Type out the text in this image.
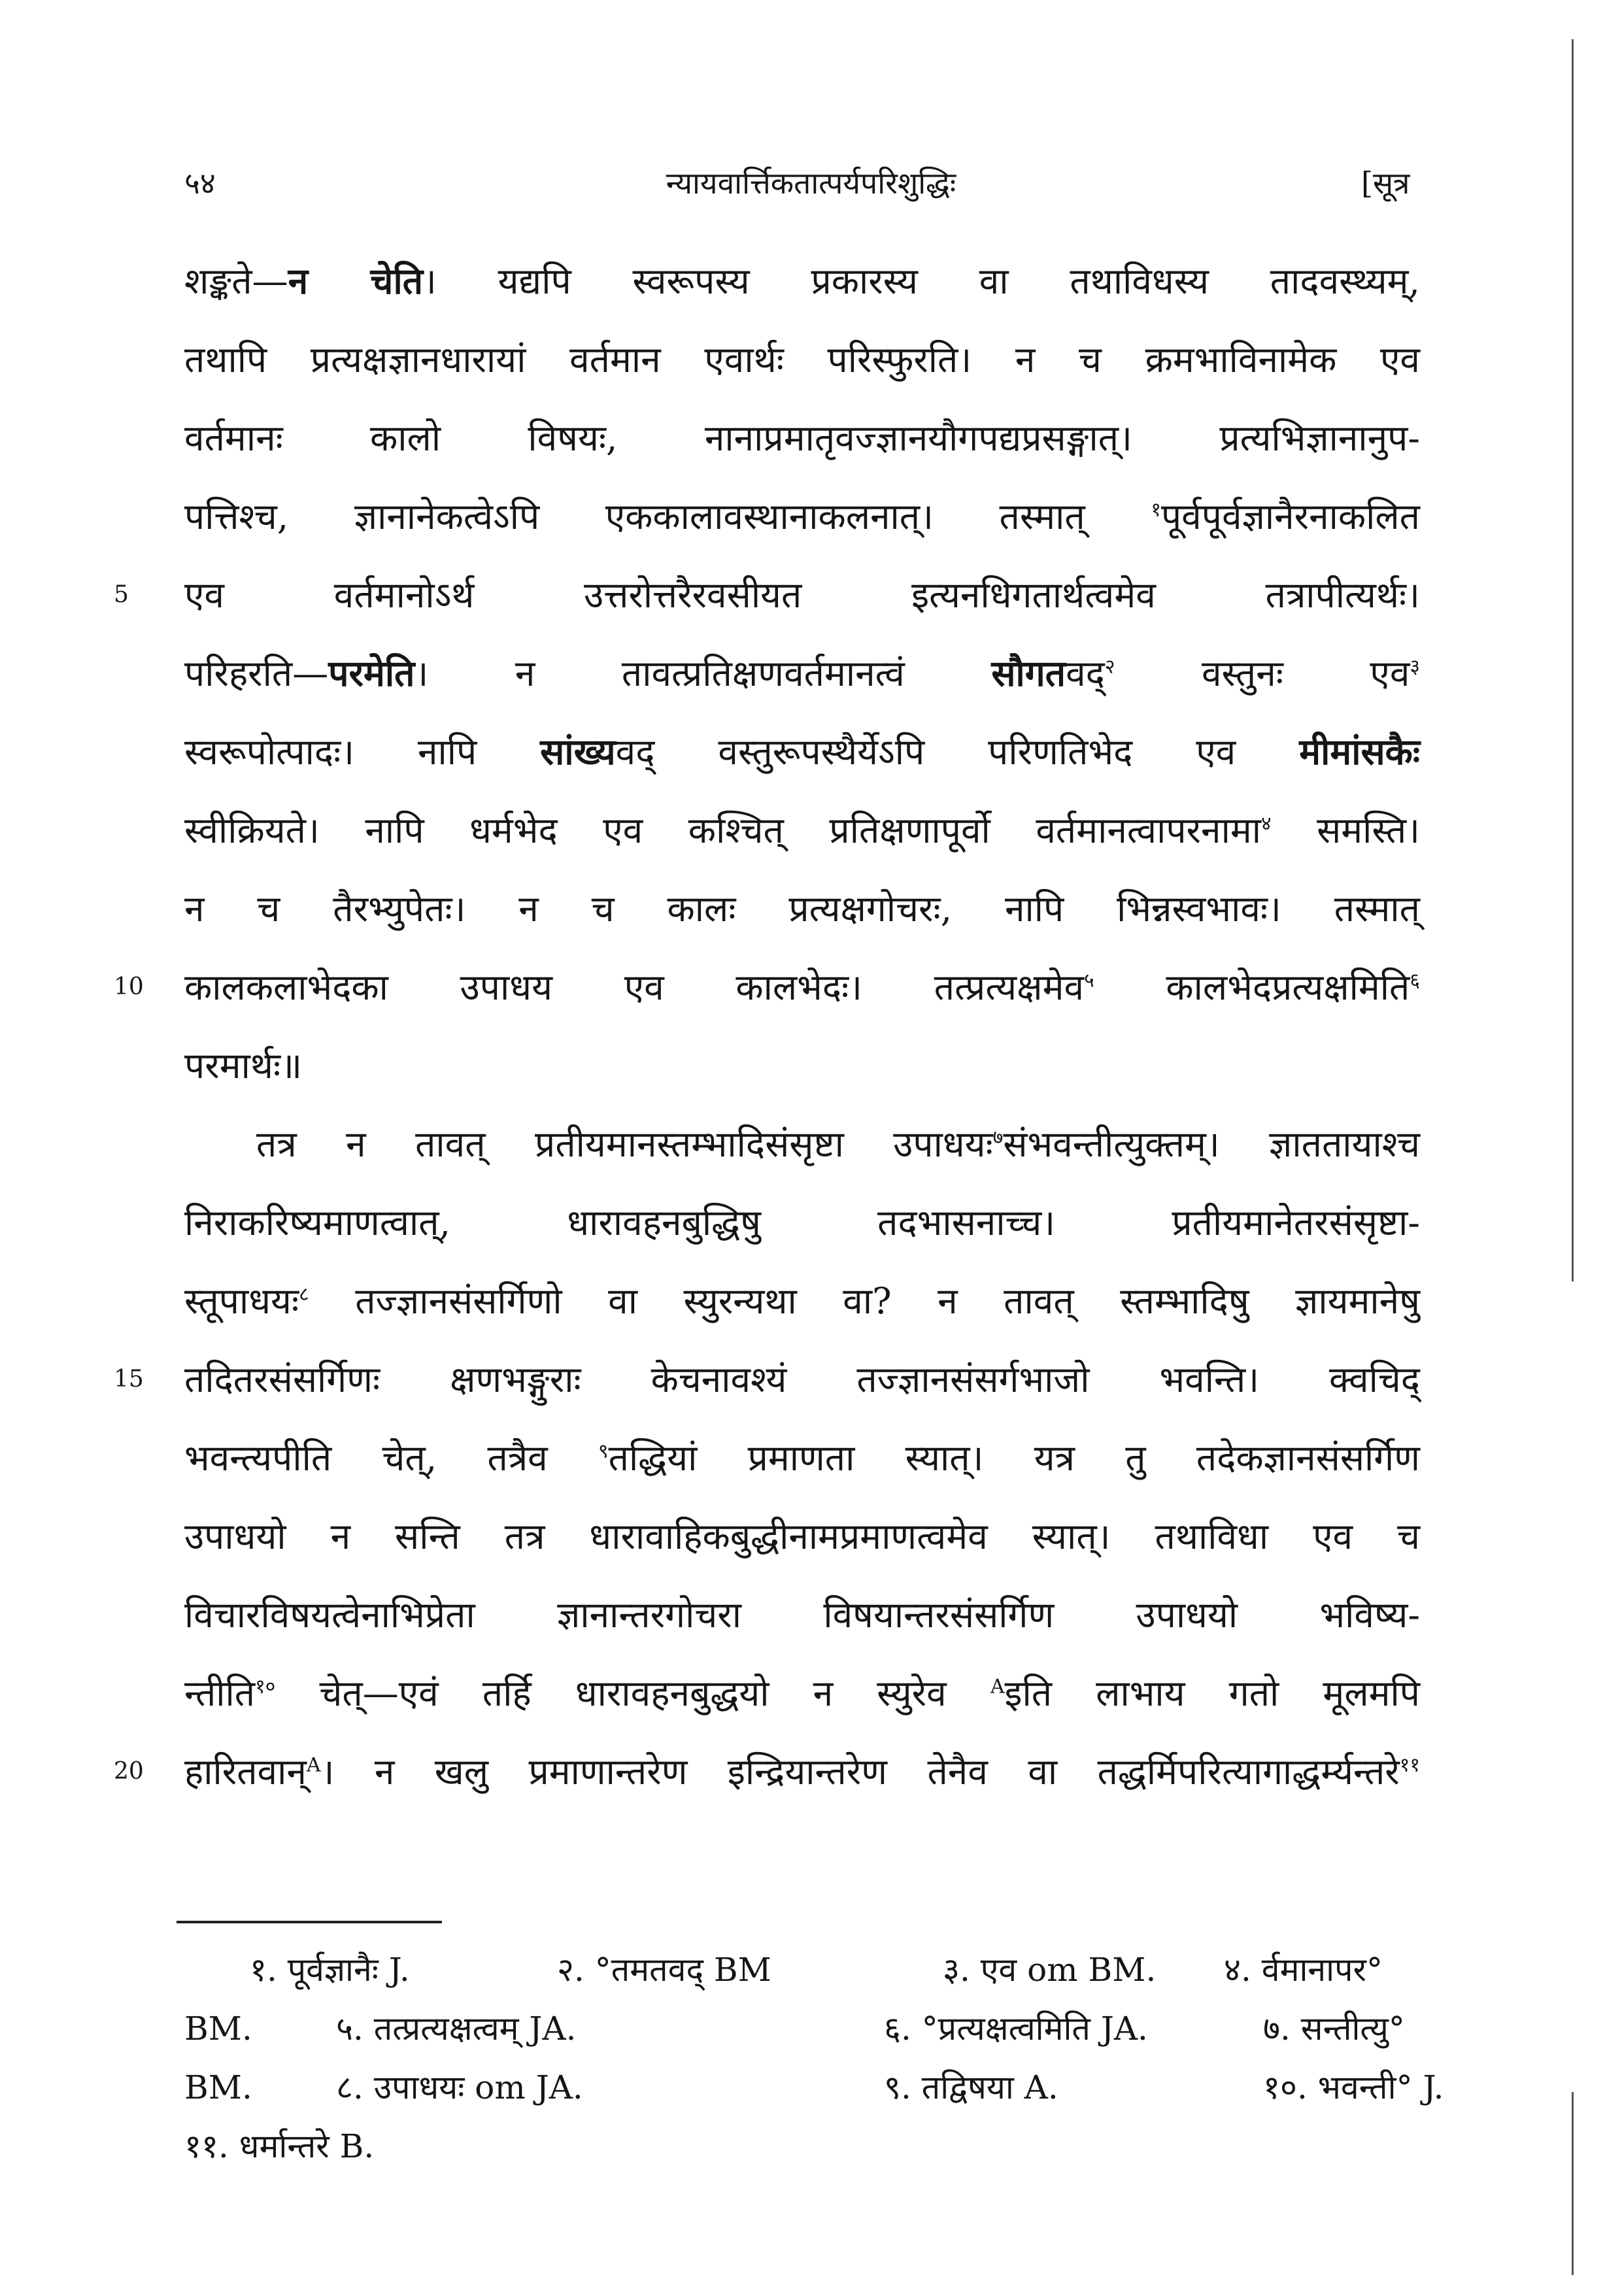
५४	न्यायवार्त्तिकतात्पर्यपरिशुद्धिः	[सूत्र
शङ्कते—न चेति। यद्यपि स्वरूपस्य प्रकारस्य वा तथाविधस्य तादवस्थ्यम्,
तथापि प्रत्यक्षज्ञानधारायां वर्तमान एवार्थः परिस्फुरति। न च क्रमभाविनामेक एव
वर्तमानः कालो विषयः, नानाप्रमातृवज्ज्ञानयौगपद्यप्रसङ्गात्। प्रत्यभिज्ञानानुप-
पत्तिश्च, ज्ञानानेकत्वेऽपि एककालावस्थानाकलनात्। तस्मात् $^१$पूर्वपूर्वज्ञानैरनाकलित
5	एव वर्तमानोऽर्थ उत्तरोत्तरैरवसीयत इत्यनधिगतार्थत्वमेव तत्रापीत्यर्थः।
परिहरति—परमेति। न तावत्प्रतिक्षणवर्तमानत्वं सौगतवद्$^२$ वस्तुनः एव$^३$
स्वरूपोत्पादः। नापि सांख्यवद् वस्तुरूपस्थैर्येऽपि परिणतिभेद एव मीमांसकैः
स्वीक्रियते। नापि धर्मभेद एव कश्चित् प्रतिक्षणापूर्वो वर्तमानत्वापरनामा$^४$ समस्ति।
न च तैरभ्युपेतः। न च कालः प्रत्यक्षगोचरः, नापि भिन्नस्वभावः। तस्मात्
10	कालकलाभेदका उपाधय एव कालभेदः। तत्प्रत्यक्षमेव$^५$ कालभेदप्रत्यक्षमिति$^६$
परमार्थः॥
तत्र न तावत् प्रतीयमानस्तम्भादिसंसृष्टा उपाधयः$^७$संभवन्तीत्युक्तम्। ज्ञाततायाश्च
निराकरिष्यमाणत्वात्, धारावहनबुद्धिषु तदभासनाच्च। प्रतीयमानेतरसंसृष्टा-
स्तूपाधयः$^८$ तज्ज्ञानसंसर्गिणो वा स्युरन्यथा वा? न तावत् स्तम्भादिषु ज्ञायमानेषु
15	तदितरसंसर्गिणः क्षणभङ्गुराः केचनावश्यं तज्ज्ञानसंसर्गभाजो भवन्ति। क्वचिद्
भवन्त्यपीति चेत्, तत्रैव $^९$तद्धियां प्रमाणता स्यात्। यत्र तु तदेकज्ञानसंसर्गिण
उपाधयो न सन्ति तत्र धारावाहिकबुद्धीनामप्रमाणत्वमेव स्यात्। तथाविधा एव च
विचारविषयत्वेनाभिप्रेता ज्ञानान्तरगोचरा विषयान्तरसंसर्गिण उपाधयो भविष्य-
न्तीति$^{१०}$ चेत्—एवं तर्हि धारावहनबुद्धयो न स्युरेव $^A$इति लाभाय गतो मूलमपि
20	हारितवान्$^A$। न खलु प्रमाणान्तरेण इन्द्रियान्तरेण तेनैव वा तद्धर्मिपरित्यागाद्धर्म्यन्तरे$^{११}$
१. पूर्वज्ञानैः J.	२. °तमतवद् BM	३. एव om BM. ४. र्वमानापर°
BM.	५. तत्प्रत्यक्षत्वम् JA.	६. °प्रत्यक्षत्वमिति JA.	७. सन्तीत्यु°
BM.	८. उपाधयः om JA.	९. तद्विषया A.	१०. भवन्ती° J.
११. धर्मान्तरे B.
